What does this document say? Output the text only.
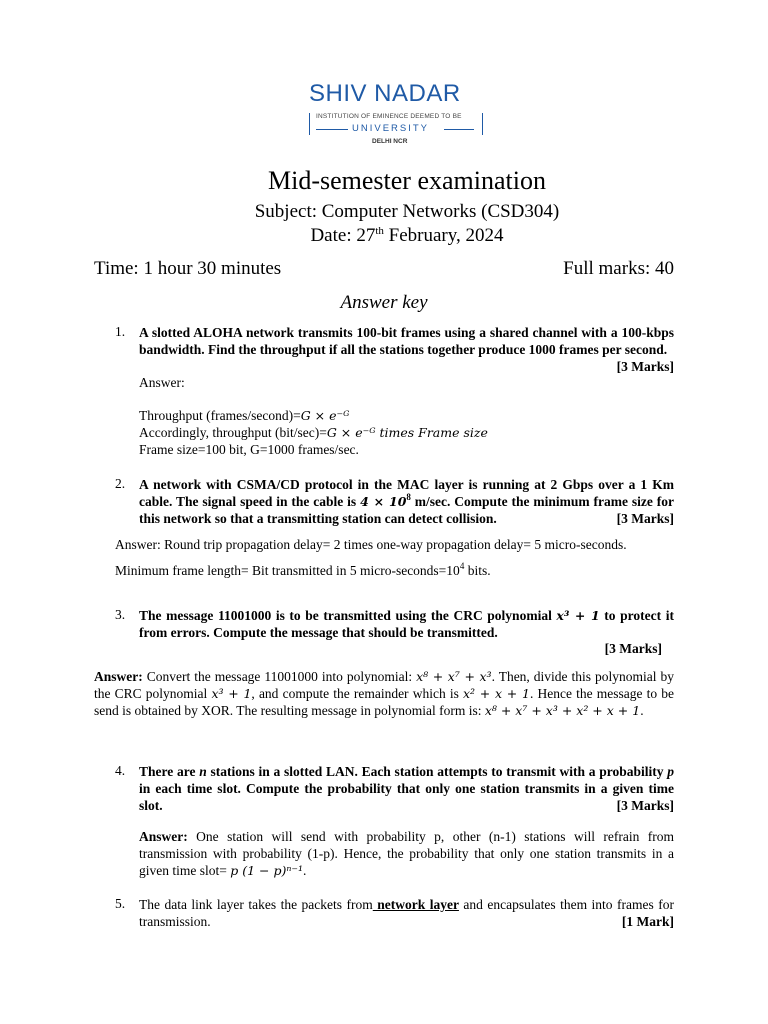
SHIV NADAR
INSTITUTION OF EMINENCE DEEMED TO BE
UNIVERSITY
DELHI NCR
Mid-semester examination
Subject: Computer Networks (CSD304)
Date: 27th February, 2024
Time: 1 hour 30 minutes	Full marks: 40
Answer key
1. A slotted ALOHA network transmits 100-bit frames using a shared channel with a 100-kbps bandwidth. Find the throughput if all the stations together produce 1000 frames per second.
[3 Marks]
Answer:
Throughput (frames/second)=G × e⁻ᴳ
Accordingly, throughput (bit/sec)=G × e⁻ᴳ times Frame size
Frame size=100 bit, G=1000 frames/sec.
2. A network with CSMA/CD protocol in the MAC layer is running at 2 Gbps over a 1 Km cable. The signal speed in the cable is $4 \times 10^8$ m/sec. Compute the minimum frame size for this network so that a transmitting station can detect collision.	[3 Marks]
Answer: Round trip propagation delay= 2 times one-way propagation delay= 5 micro-seconds.
Minimum frame length= Bit transmitted in 5 micro-$seconds=10^4$ bits.
3. The message 11001000 is to be transmitted using the CRC polynomial x³ + 1 to protect it from errors. Compute the message that should be transmitted.
[3 Marks]
Answer: Convert the message 11001000 into polynomial: x⁸ + x⁷ + x³. Then, divide this polynomial by the CRC polynomial x³ + 1, and compute the remainder which is x² + x + 1. Hence the message to be send is obtained by XOR. The resulting message in polynomial form is: x⁸ + x⁷ + x³ + x² + x + 1.
4. There are n stations in a slotted LAN. Each station attempts to transmit with a probability p in each time slot. Compute the probability that only one station transmits in a given time slot.	[3 Marks]
Answer: One station will send with probability p, other (n-1) stations will refrain from transmission with probability (1-p). Hence, the probability that only one station transmits in a given time slot= p (1 − p)ⁿ⁻¹.
5. The data link layer takes the packets from network layer and encapsulates them into frames for transmission.	[1 Mark]
